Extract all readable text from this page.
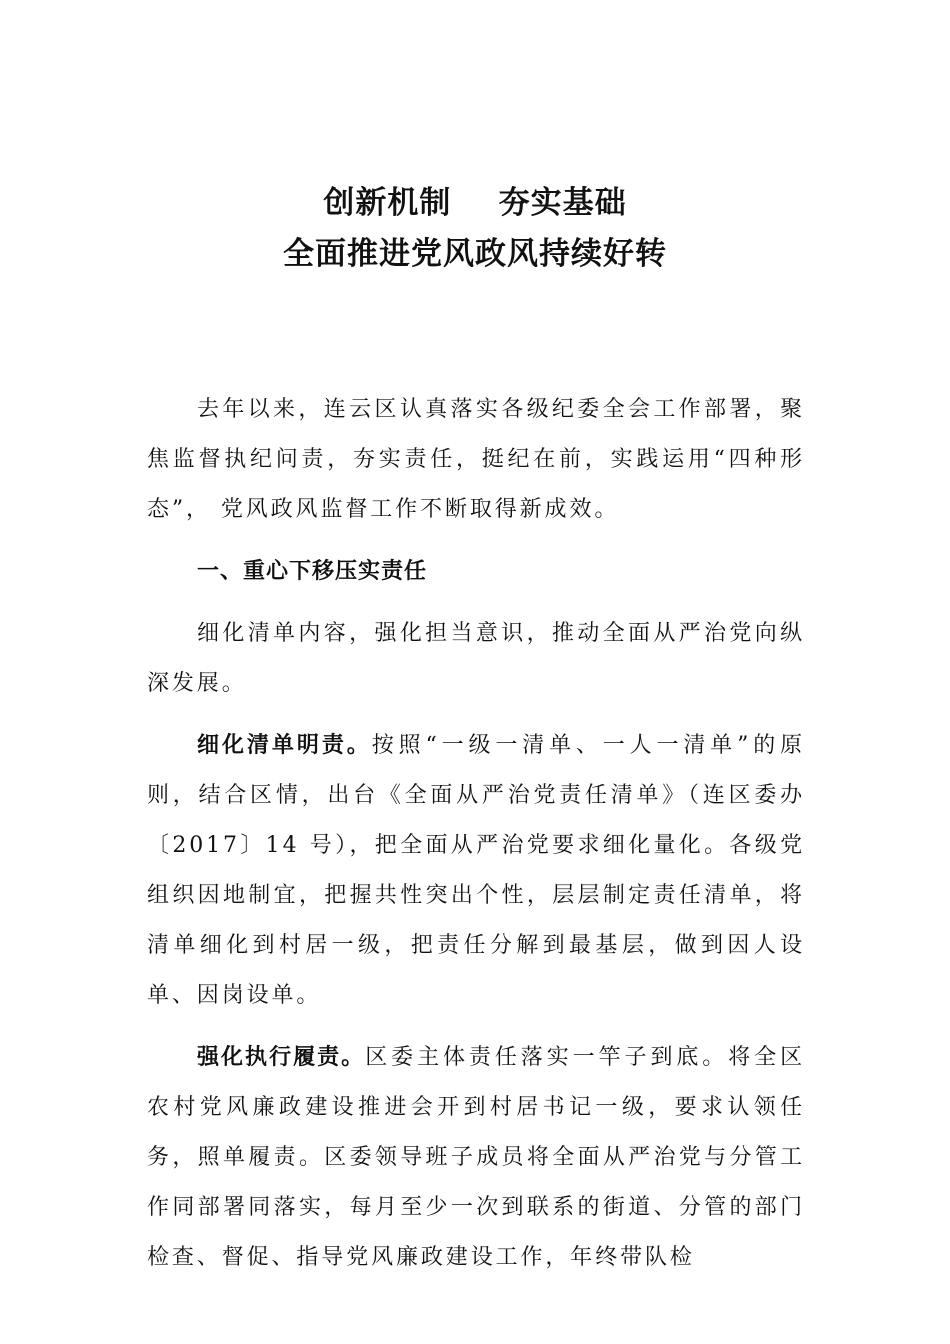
创新机制    夯实基础
全面推进党风政风持续好转

去年以来，连云区认真落实各级纪委全会工作部署，聚焦监督执纪问责，夯实责任，挺纪在前，实践运用“四种形态”， 党风政风监督工作不断取得新成效。

一、重心下移压实责任

细化清单内容，强化担当意识，推动全面从严治党向纵深发展。

细化清单明责。按照“一级一清单、一人一清单”的原则，结合区情，出台《全面从严治党责任清单》（连区委办〔2017〕14 号），把全面从严治党要求细化量化。各级党组织因地制宜，把握共性突出个性，层层制定责任清单，将清单细化到村居一级，把责任分解到最基层，做到因人设单、因岗设单。

强化执行履责。区委主体责任落实一竿子到底。将全区农村党风廉政建设推进会开到村居书记一级，要求认领任务，照单履责。区委领导班子成员将全面从严治党与分管工作同部署同落实，每月至少一次到联系的街道、分管的部门检查、督促、指导党风廉政建设工作，年终带队检
